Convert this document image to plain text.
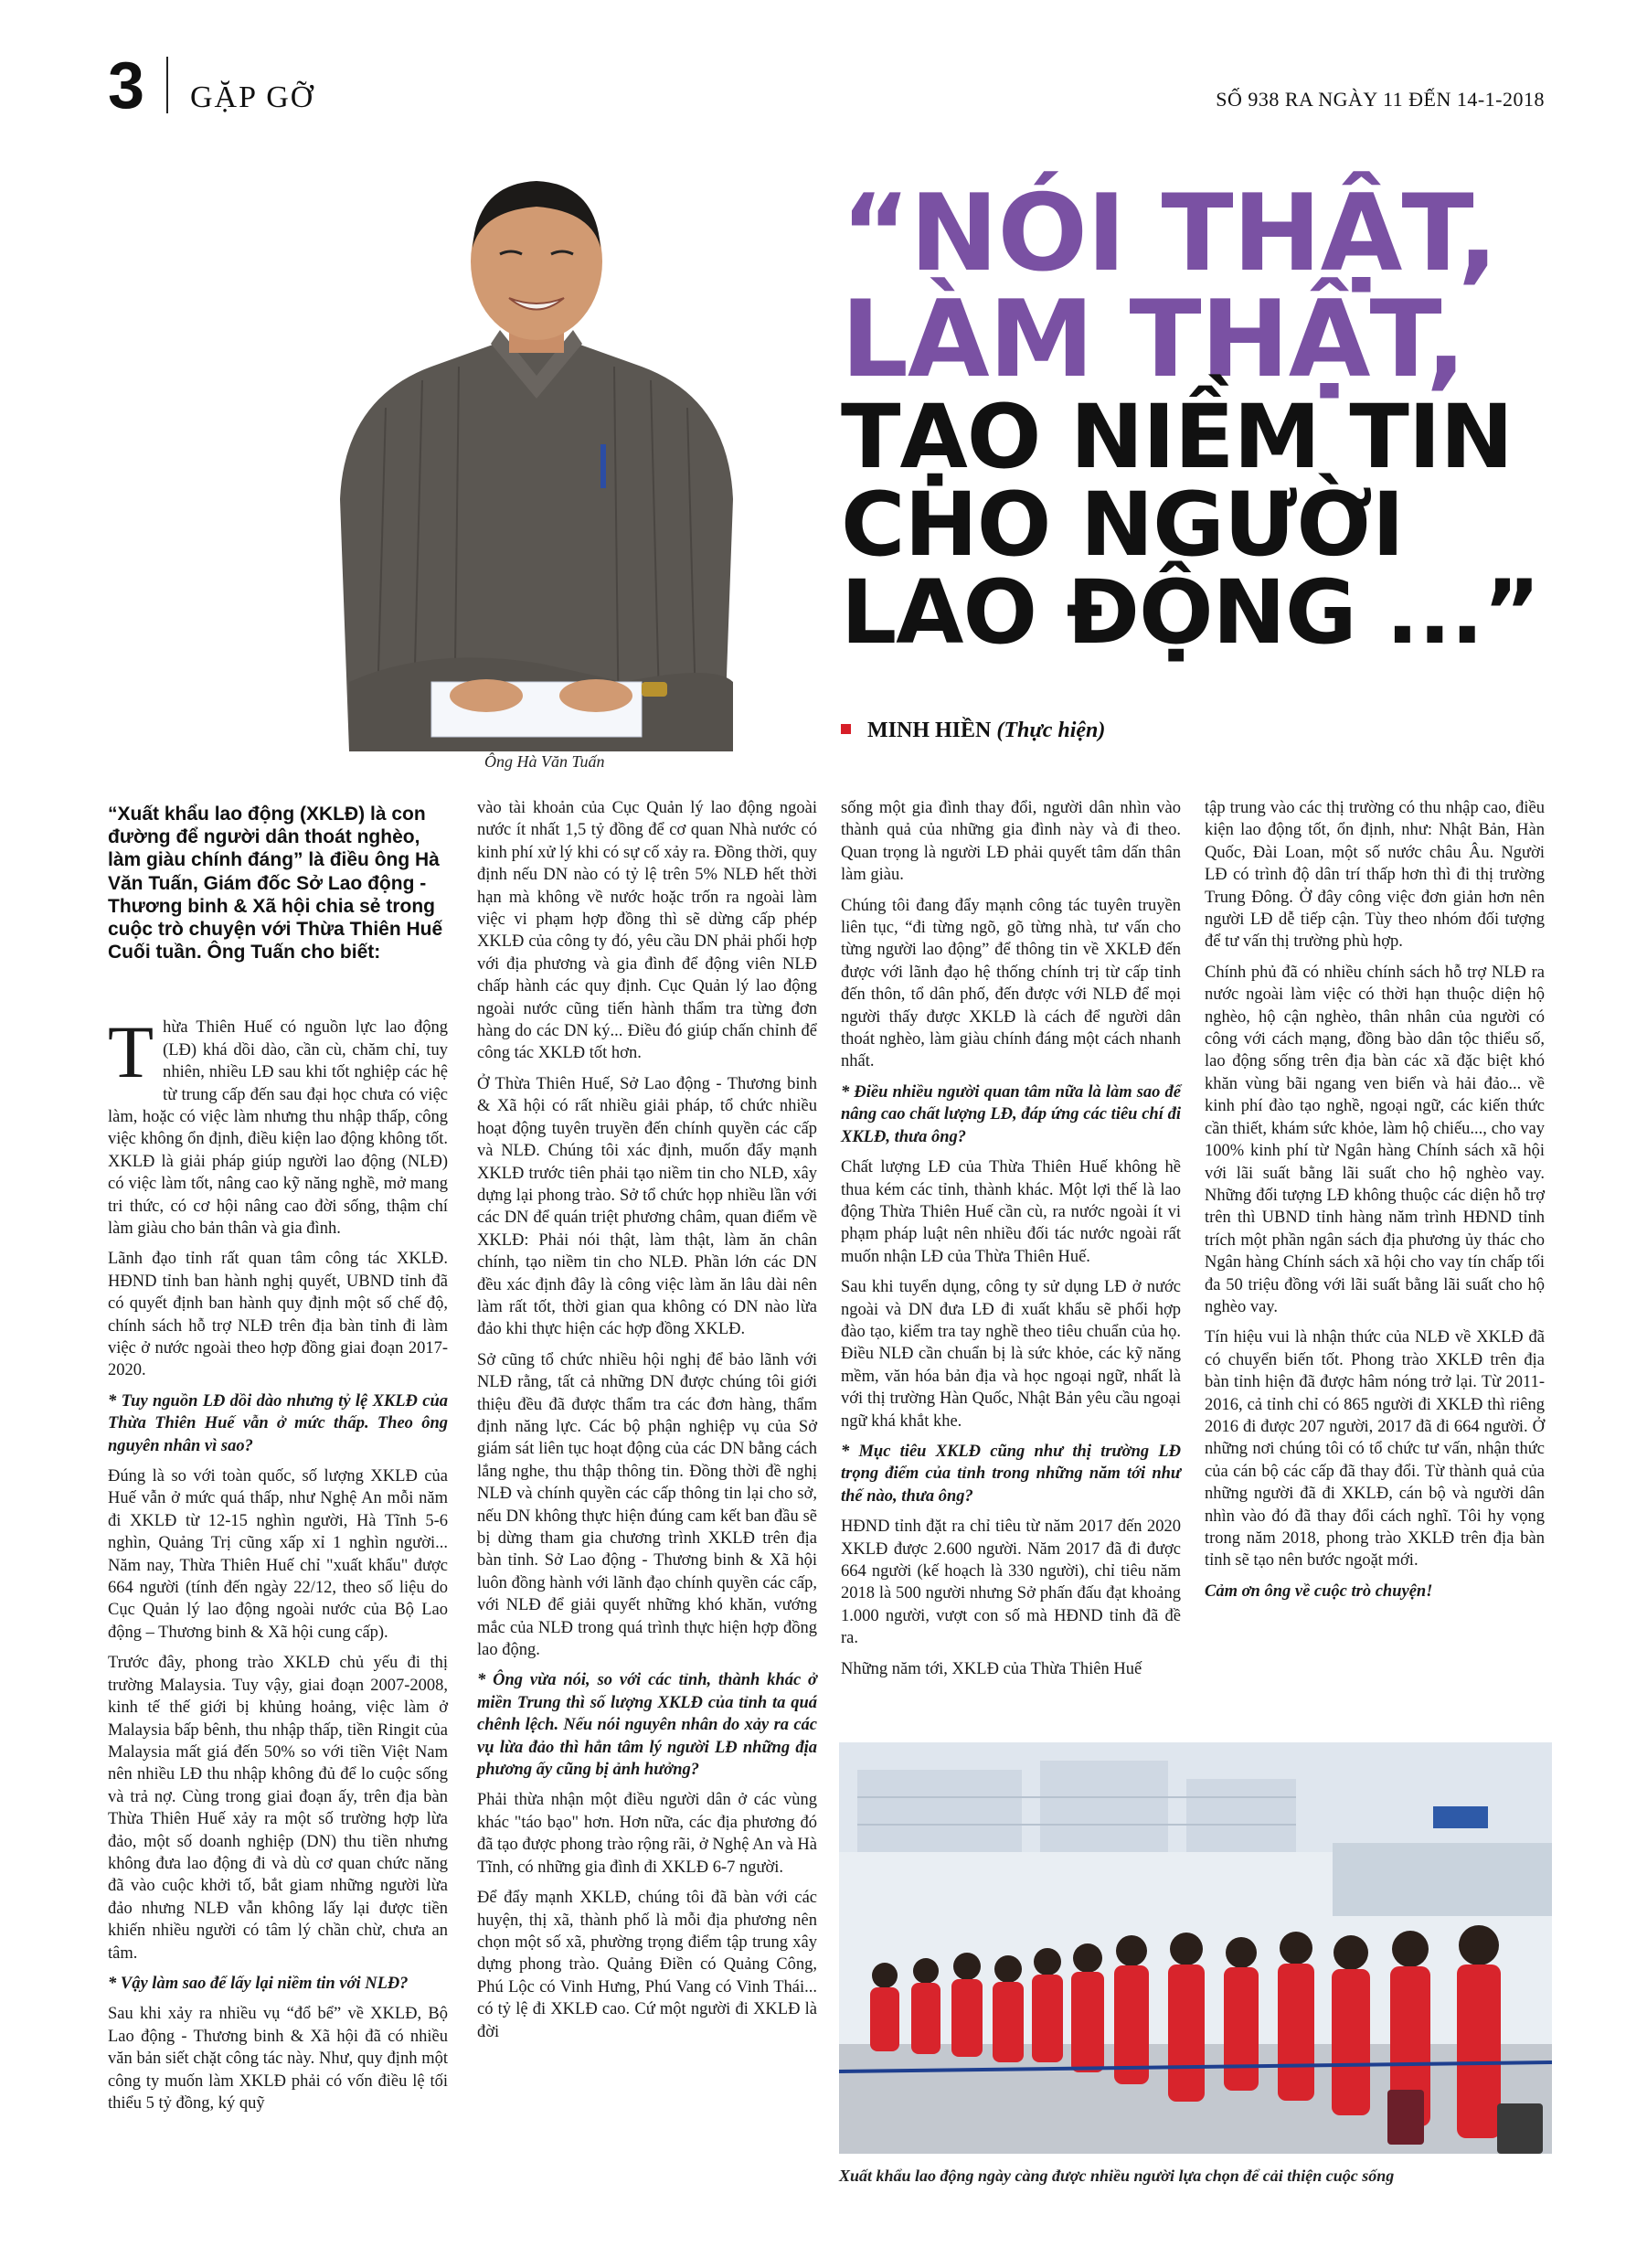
3 GẶP GỠ	SỐ 938 RA NGÀY 11 ĐẾN 14-1-2018
Ông Hà Văn Tuấn
“NÓI THẬT,
LÀM THẬT,
TẠO NIỀM TIN
CHO NGƯỜI
LAO ĐỘNG ...”
MINH HIỀN (Thực hiện)

“Xuất khẩu lao động (XKLĐ) là con đường để người dân thoát nghèo, làm giàu chính đáng” là điều ông Hà Văn Tuấn, Giám đốc Sở Lao động - Thương binh & Xã hội chia sẻ trong cuộc trò chuyện với Thừa Thiên Huế Cuối tuần. Ông Tuấn cho biết:

Thừa Thiên Huế có nguồn lực lao động (LĐ) khá dồi dào, cần cù, chăm chỉ, tuy nhiên, nhiều LĐ sau khi tốt nghiệp các hệ từ trung cấp đến sau đại học chưa có việc làm, hoặc có việc làm nhưng thu nhập thấp, công việc không ổn định, điều kiện lao động không tốt. XKLĐ là giải pháp giúp người lao động (NLĐ) có việc làm tốt, nâng cao kỹ năng nghề, mở mang tri thức, có cơ hội nâng cao đời sống, thậm chí làm giàu cho bản thân và gia đình.

Lãnh đạo tỉnh rất quan tâm công tác XKLĐ. HĐND tỉnh ban hành nghị quyết, UBND tỉnh đã có quyết định ban hành quy định một số chế độ, chính sách hỗ trợ NLĐ trên địa bàn tỉnh đi làm việc ở nước ngoài theo hợp đồng giai đoạn 2017-2020.

* Tuy nguồn LĐ dồi dào nhưng tỷ lệ XKLĐ của Thừa Thiên Huế vẫn ở mức thấp. Theo ông nguyên nhân vì sao?

Đúng là so với toàn quốc, số lượng XKLĐ của Huế vẫn ở mức quá thấp, như Nghệ An mỗi năm đi XKLĐ từ 12-15 nghìn người, Hà Tĩnh 5-6 nghìn, Quảng Trị cũng xấp xỉ 1 nghìn người... Năm nay, Thừa Thiên Huế chỉ "xuất khẩu" được 664 người (tính đến ngày 22/12, theo số liệu do Cục Quản lý lao động ngoài nước của Bộ Lao động – Thương binh & Xã hội cung cấp).

Trước đây, phong trào XKLĐ chủ yếu đi thị trường Malaysia. Tuy vậy, giai đoạn 2007-2008, kinh tế thế giới bị khủng hoảng, việc làm ở Malaysia bấp bênh, thu nhập thấp, tiền Ringit của Malaysia mất giá đến 50% so với tiền Việt Nam nên nhiều LĐ thu nhập không đủ để lo cuộc sống và trả nợ. Cùng trong giai đoạn ấy, trên địa bàn Thừa Thiên Huế xảy ra một số trường hợp lừa đảo, một số doanh nghiệp (DN) thu tiền nhưng không đưa lao động đi và dù cơ quan chức năng đã vào cuộc khởi tố, bắt giam những người lừa đảo nhưng NLĐ vẫn không lấy lại được tiền khiến nhiều người có tâm lý chần chừ, chưa an tâm.

* Vậy làm sao để lấy lại niềm tin với NLĐ?

Sau khi xảy ra nhiều vụ “đổ bể” về XKLĐ, Bộ Lao động - Thương binh & Xã hội đã có nhiều văn bản siết chặt công tác này. Như, quy định một công ty muốn làm XKLĐ phải có vốn điều lệ tối thiểu 5 tỷ đồng, ký quỹ

vào tài khoản của Cục Quản lý lao động ngoài nước ít nhất 1,5 tỷ đồng để cơ quan Nhà nước có kinh phí xử lý khi có sự cố xảy ra. Đồng thời, quy định nếu DN nào có tỷ lệ trên 5% NLĐ hết thời hạn mà không về nước hoặc trốn ra ngoài làm việc vi phạm hợp đồng thì sẽ dừng cấp phép XKLĐ của công ty đó, yêu cầu DN phải phối hợp với địa phương và gia đình để động viên NLĐ chấp hành các quy định. Cục Quản lý lao động ngoài nước cũng tiến hành thẩm tra từng đơn hàng do các DN ký... Điều đó giúp chấn chỉnh để công tác XKLĐ tốt hơn.

Ở Thừa Thiên Huế, Sở Lao động - Thương binh & Xã hội có rất nhiều giải pháp, tổ chức nhiều hoạt động tuyên truyền đến chính quyền các cấp và NLĐ. Chúng tôi xác định, muốn đẩy mạnh XKLĐ trước tiên phải tạo niềm tin cho NLĐ, xây dựng lại phong trào. Sở tổ chức họp nhiều lần với các DN để quán triệt phương châm, quan điểm về XKLĐ: Phải nói thật, làm thật, làm ăn chân chính, tạo niềm tin cho NLĐ. Phần lớn các DN đều xác định đây là công việc làm ăn lâu dài nên làm rất tốt, thời gian qua không có DN nào lừa đảo khi thực hiện các hợp đồng XKLĐ.

Sở cũng tổ chức nhiều hội nghị để bảo lãnh với NLĐ rằng, tất cả những DN được chúng tôi giới thiệu đều đã được thẩm tra các đơn hàng, thẩm định năng lực. Các bộ phận nghiệp vụ của Sở giám sát liên tục hoạt động của các DN bằng cách lắng nghe, thu thập thông tin. Đồng thời đề nghị NLĐ và chính quyền các cấp thông tin lại cho sở, nếu DN không thực hiện đúng cam kết ban đầu sẽ bị dừng tham gia chương trình XKLĐ trên địa bàn tỉnh. Sở Lao động - Thương binh & Xã hội luôn đồng hành với lãnh đạo chính quyền các cấp, với NLĐ để giải quyết những khó khăn, vướng mắc của NLĐ trong quá trình thực hiện hợp đồng lao động.

* Ông vừa nói, so với các tỉnh, thành khác ở miền Trung thì số lượng XKLĐ của tỉnh ta quá chênh lệch. Nếu nói nguyên nhân do xảy ra các vụ lừa đảo thì hẳn tâm lý người LĐ những địa phương ấy cũng bị ảnh hưởng?

Phải thừa nhận một điều người dân ở các vùng khác "táo bạo" hơn. Hơn nữa, các địa phương đó đã tạo được phong trào rộng rãi, ở Nghệ An và Hà Tĩnh, có những gia đình đi XKLĐ 6-7 người.

Để đẩy mạnh XKLĐ, chúng tôi đã bàn với các huyện, thị xã, thành phố là mỗi địa phương nên chọn một số xã, phường trọng điểm tập trung xây dựng phong trào. Quảng Điền có Quảng Công, Phú Lộc có Vinh Hưng, Phú Vang có Vinh Thái... có tỷ lệ đi XKLĐ cao. Cứ một người đi XKLĐ là đời

sống một gia đình thay đổi, người dân nhìn vào thành quả của những gia đình này và đi theo. Quan trọng là người LĐ phải quyết tâm dấn thân làm giàu.

Chúng tôi đang đẩy mạnh công tác tuyên truyền liên tục, “đi từng ngõ, gõ từng nhà, tư vấn cho từng người lao động” để thông tin về XKLĐ đến được với lãnh đạo hệ thống chính trị từ cấp tỉnh đến thôn, tổ dân phố, đến được với NLĐ để mọi người thấy được XKLĐ là cách để người dân thoát nghèo, làm giàu chính đáng một cách nhanh nhất.

* Điều nhiều người quan tâm nữa là làm sao để nâng cao chất lượng LĐ, đáp ứng các tiêu chí đi XKLĐ, thưa ông?

Chất lượng LĐ của Thừa Thiên Huế không hề thua kém các tỉnh, thành khác. Một lợi thế là lao động Thừa Thiên Huế cần cù, ra nước ngoài ít vi phạm pháp luật nên nhiều đối tác nước ngoài rất muốn nhận LĐ của Thừa Thiên Huế.

Sau khi tuyển dụng, công ty sử dụng LĐ ở nước ngoài và DN đưa LĐ đi xuất khẩu sẽ phối hợp đào tạo, kiểm tra tay nghề theo tiêu chuẩn của họ. Điều NLĐ cần chuẩn bị là sức khỏe, các kỹ năng mềm, văn hóa bản địa và học ngoại ngữ, nhất là với thị trường Hàn Quốc, Nhật Bản yêu cầu ngoại ngữ khá khắt khe.

* Mục tiêu XKLĐ cũng như thị trường LĐ trọng điểm của tỉnh trong những năm tới như thế nào, thưa ông?

HĐND tỉnh đặt ra chỉ tiêu từ năm 2017 đến 2020 XKLĐ được 2.600 người. Năm 2017 đã đi được 664 người (kế hoạch là 330 người), chỉ tiêu năm 2018 là 500 người nhưng Sở phấn đấu đạt khoảng 1.000 người, vượt con số mà HĐND tỉnh đã đề ra.

Những năm tới, XKLĐ của Thừa Thiên Huế

tập trung vào các thị trường có thu nhập cao, điều kiện lao động tốt, ổn định, như: Nhật Bản, Hàn Quốc, Đài Loan, một số nước châu Âu. Người LĐ có trình độ dân trí thấp hơn thì đi thị trường Trung Đông. Ở đây công việc đơn giản hơn nên người LĐ dễ tiếp cận. Tùy theo nhóm đối tượng để tư vấn thị trường phù hợp.

Chính phủ đã có nhiều chính sách hỗ trợ NLĐ ra nước ngoài làm việc có thời hạn thuộc diện hộ nghèo, hộ cận nghèo, thân nhân của người có công với cách mạng, đồng bào dân tộc thiểu số, lao động sống trên địa bàn các xã đặc biệt khó khăn vùng bãi ngang ven biển và hải đảo... về kinh phí đào tạo nghề, ngoại ngữ, các kiến thức cần thiết, khám sức khỏe, làm hộ chiếu..., cho vay 100% kinh phí từ Ngân hàng Chính sách xã hội với lãi suất bằng lãi suất cho hộ nghèo vay. Những đối tượng LĐ không thuộc các diện hỗ trợ trên thì UBND tỉnh hàng năm trình HĐND tỉnh trích một phần ngân sách địa phương ủy thác cho Ngân hàng Chính sách xã hội cho vay tín chấp tối đa 50 triệu đồng với lãi suất bằng lãi suất cho hộ nghèo vay.

Tín hiệu vui là nhận thức của NLĐ về XKLĐ đã có chuyển biến tốt. Phong trào XKLĐ trên địa bàn tỉnh hiện đã được hâm nóng trở lại. Từ 2011-2016, cả tỉnh chỉ có 865 người đi XKLĐ thì riêng 2016 đi được 207 người, 2017 đã đi 664 người. Ở những nơi chúng tôi có tổ chức tư vấn, nhận thức của cán bộ các cấp đã thay đổi. Từ thành quả của những người đã đi XKLĐ, cán bộ và người dân nhìn vào đó đã thay đổi cách nghĩ. Tôi hy vọng trong năm 2018, phong trào XKLĐ trên địa bàn tỉnh sẽ tạo nên bước ngoặt mới.

Cảm ơn ông về cuộc trò chuyện!

Xuất khẩu lao động ngày càng được nhiều người lựa chọn để cải thiện cuộc sống
